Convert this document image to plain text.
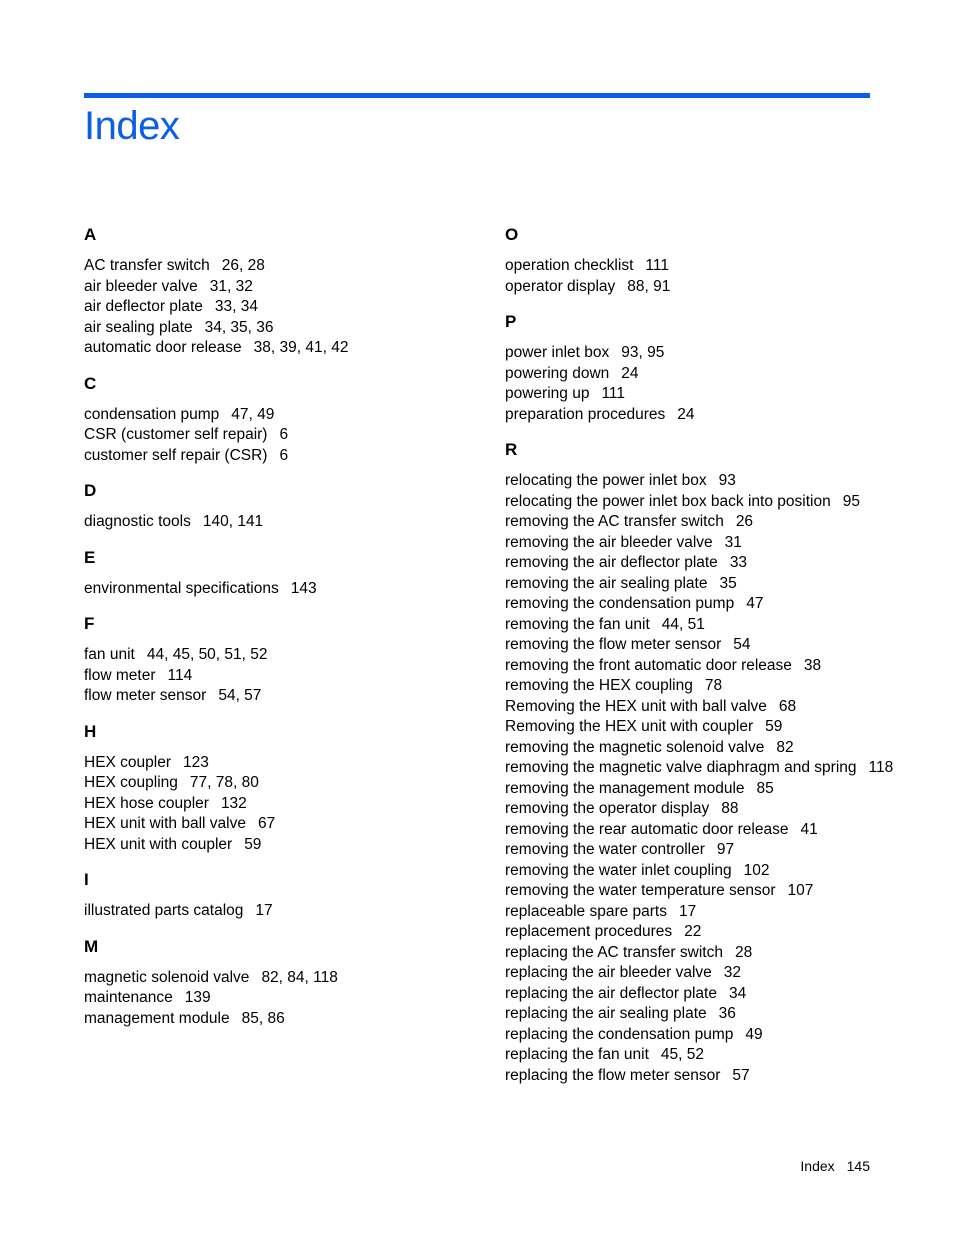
Index
A
AC transfer switch 26, 28
air bleeder valve 31, 32
air deflector plate 33, 34
air sealing plate 34, 35, 36
automatic door release 38, 39, 41, 42
C
condensation pump 47, 49
CSR (customer self repair) 6
customer self repair (CSR) 6
D
diagnostic tools 140, 141
E
environmental specifications 143
F
fan unit 44, 45, 50, 51, 52
flow meter 114
flow meter sensor 54, 57
H
HEX coupler 123
HEX coupling 77, 78, 80
HEX hose coupler 132
HEX unit with ball valve 67
HEX unit with coupler 59
I
illustrated parts catalog 17
M
magnetic solenoid valve 82, 84, 118
maintenance 139
management module 85, 86
O
operation checklist 111
operator display 88, 91
P
power inlet box 93, 95
powering down 24
powering up 111
preparation procedures 24
R
relocating the power inlet box 93
relocating the power inlet box back into position 95
removing the AC transfer switch 26
removing the air bleeder valve 31
removing the air deflector plate 33
removing the air sealing plate 35
removing the condensation pump 47
removing the fan unit 44, 51
removing the flow meter sensor 54
removing the front automatic door release 38
removing the HEX coupling 78
Removing the HEX unit with ball valve 68
Removing the HEX unit with coupler 59
removing the magnetic solenoid valve 82
removing the magnetic valve diaphragm and spring 118
removing the management module 85
removing the operator display 88
removing the rear automatic door release 41
removing the water controller 97
removing the water inlet coupling 102
removing the water temperature sensor 107
replaceable spare parts 17
replacement procedures 22
replacing the AC transfer switch 28
replacing the air bleeder valve 32
replacing the air deflector plate 34
replacing the air sealing plate 36
replacing the condensation pump 49
replacing the fan unit 45, 52
replacing the flow meter sensor 57
Index 145
